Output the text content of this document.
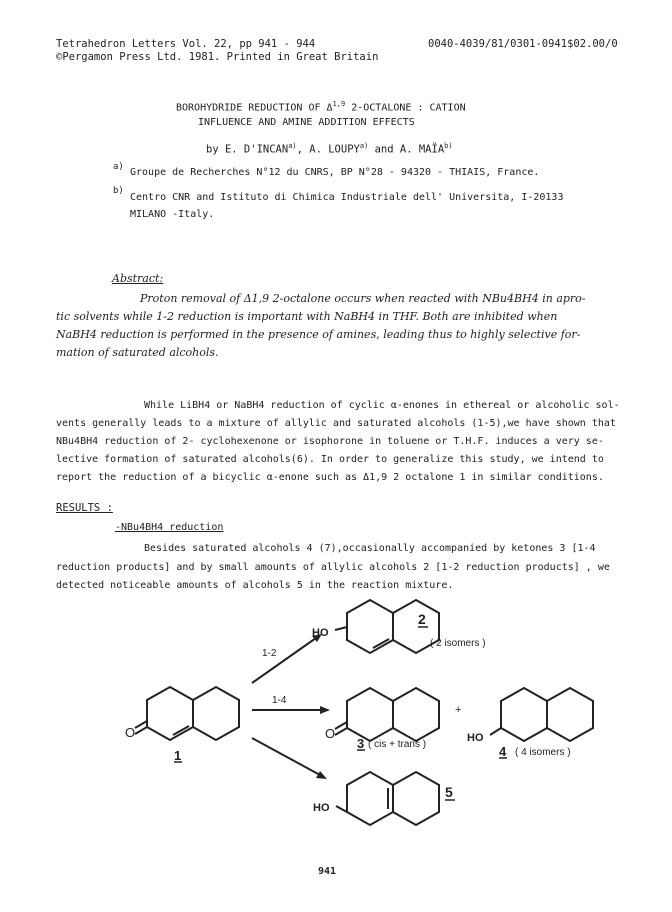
Tetrahedron Letters Vol. 22, pp 941 - 944
©Pergamon Press Ltd. 1981. Printed in Great Britain
0040-4039/81/0301-0941$02.00/0
BOROHYDRIDE REDUCTION OF Δ$^{1,9}$ 2-OCTALONE : CATION
INFLUENCE AND AMINE ADDITION EFFECTS
by E. D'INCAN$^{a)}$, A. LOUPY$^{a)}$ and A. MAÏA$^{b)}$
a) Groupe de Recherches N°12 du CNRS, BP N°28 - 94320 - THIAIS, France.
b)
Centro CNR and Istituto di Chimica Industriale dell' Universita, I-20133
MILANO -Italy.
Abstract:
Proton removal of Δ1,9 2-octalone occurs when reacted with NBu4BH4 in apro-
tic solvents while 1-2 reduction is important with NaBH4 in THF. Both are inhibited when
NaBH4 reduction is performed in the presence of amines, leading thus to highly selective for-
mation of saturated alcohols.
While LiBH4 or NaBH4 reduction of cyclic α-enones in ethereal or alcoholic sol-
vents generally leads to a mixture of allylic and saturated alcohols (1-5),we have shown that
NBu4BH4 reduction of 2- cyclohexenone or isophorone in toluene or T.H.F. induces a very se-
lective formation of saturated alcohols(6). In order to generalize this study, we intend to
report the reduction of a bicyclic α-enone such as Δ1,9 2 octalone 1 in similar conditions.
RESULTS :
-NBu4BH4 reduction
Besides saturated alcohols 4 (7),occasionally accompanied by ketones 3 [1-4
reduction products] and by small amounts of allylic alcohols 2 [1-2 reduction products] , we
detected noticeable amounts of alcohols 5 in the reaction mixture.
O
HO
O	HO
HO
1-2
1-4
+
1
2
( 2 isomers )
3 ( cis + trans )	4 ( 4 isomers )
5
941
